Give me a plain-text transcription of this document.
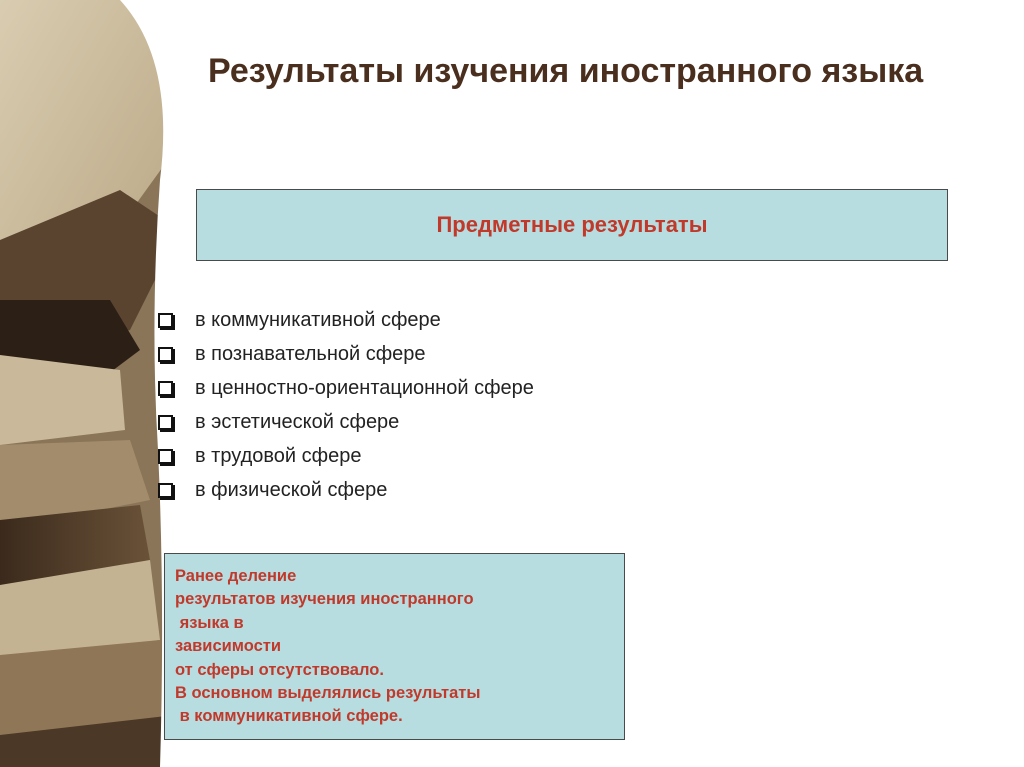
Результаты изучения иностранного языка
Предметные результаты
в коммуникативной сфере
в познавательной сфере
в ценностно-ориентационной сфере
в эстетической сфере
в трудовой сфере
в физической сфере
Ранее деление
результатов изучения иностранного
языка в
зависимости
от сферы отсутствовало.
В основном выделялись результаты
в коммуникативной сфере.
